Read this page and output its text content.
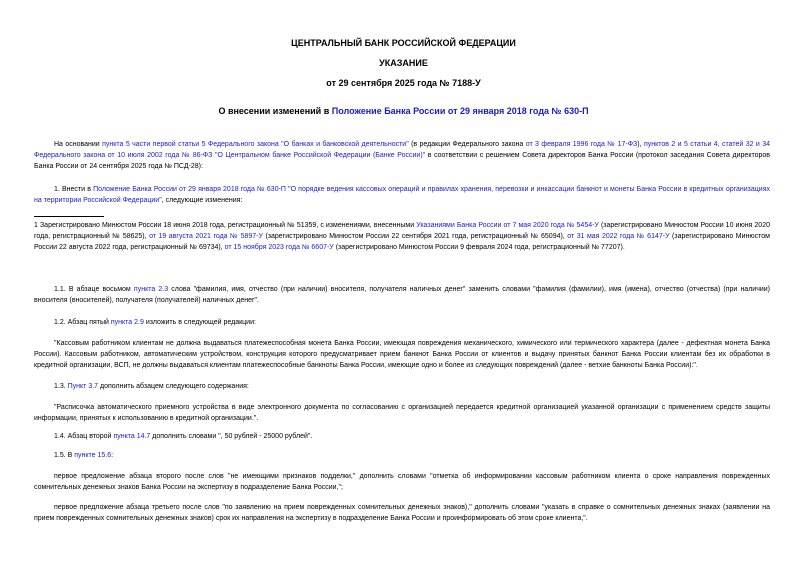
ЦЕНТРАЛЬНЫЙ БАНК РОССИЙСКОЙ ФЕДЕРАЦИИ
УКАЗАНИЕ
от 29 сентября 2025 года № 7188-У
О внесении изменений в Положение Банка России от 29 января 2018 года № 630-П
На основании пункта 5 части первой статьи 5 Федерального закона "О банках и банковской деятельности" (в редакции Федерального закона от 3 февраля 1996 года № 17-ФЗ), пунктов 2 и 5 статьи 4, статей 32 и 34 Федерального закона от 10 июля 2002 года № 86-ФЗ "О Центральном банке Российской Федерации (Банке России)" в соответствии с решением Совета директоров Банка России (протокол заседания Совета директоров Банка России от 24 сентября 2025 года № ПСД-28):
1. Внести в Положение Банка России от 29 января 2018 года № 630-П "О порядке ведения кассовых операций и правилах хранения, перевозки и инкассации банкнот и монеты Банка России в кредитных организациях на территории Российской Федерации", следующие изменения:
1 Зарегистрировано Минюстом России 18 июня 2018 года, регистрационный № 51359, с изменениями, внесенными Указаниями Банка России от 7 мая 2020 года № 5454-У (зарегистрировано Минюстом России 10 июня 2020 года, регистрационный № 58625), от 19 августа 2021 года № 5897-У (зарегистрировано Минюстом России 22 сентября 2021 года, регистрационный № 65094), от 31 мая 2022 года № 6147-У (зарегистрировано Минюстом России 22 августа 2022 года, регистрационный № 69734), от 15 ноября 2023 года № 6607-У (зарегистрировано Минюстом России 9 февраля 2024 года, регистрационный № 77207).
1.1. В абзаце восьмом пункта 2.3 слова "фамилия, имя, отчество (при наличии) вносителя, получателя наличных денег" заменить словами "фамилия (фамилии), имя (имена), отчество (отчества) (при наличии) вносителя (вносителей), получателя (получателей) наличных денег".
1.2. Абзац пятый пункта 2.9 изложить в следующей редакции:
"Кассовым работником клиентам не должна выдаваться платежеспособная монета Банка России, имеющая повреждения механического, химического или термического характера (далее - дефектная монета Банка России). Кассовым работником, автоматическим устройством, конструкция которого предусматривает прием банкнот Банка России от клиентов и выдачу принятых банкнот Банка России клиентам без их обработки в кредитной организации, ВСП, не должны выдаваться клиентам платежеспособные банкноты Банка России, имеющие одно и более из следующих повреждений (далее - ветхие банкноты Банка России):".
1.3. Пункт 3.7 дополнить абзацем следующего содержания:
"Расписочка автоматического приемного устройства в виде электронного документа по согласованию с организацией передается кредитной организацией указанной организации с применением средств защиты информации, принятых к использованию в кредитной организации.".
1.4. Абзац второй пункта 14.7 дополнить словами ", 50 рублей - 25000 рублей".
1.5. В пункте 15.6:
первое предложение абзаца второго после слов "не имеющими признаков подделки," дополнить словами "отметка об информировании кассовым работником клиента о сроке направления поврежденных сомнительных денежных знаков Банка России на экспертизу в подразделение Банка России,";
первое предложение абзаца третьего после слов "по заявлению на прием поврежденных сомнительных денежных знаков)," дополнить словами "указать в справке о сомнительных денежных знаках (заявлении на прием поврежденных сомнительных денежных знаков) срок их направления на экспертизу в подразделение Банка России и проинформировать об этом сроке клиента,".
